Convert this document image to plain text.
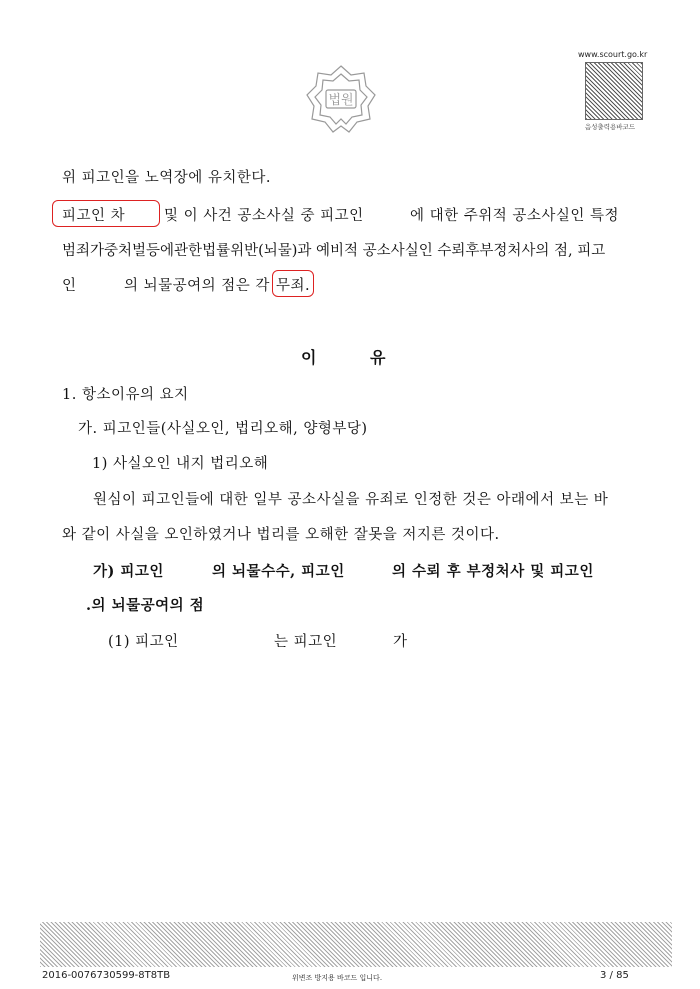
법원
www.scourt.go.kr
음성출력용바코드
위 피고인을 노역장에 유치한다.
피고인 차	및 이 사건 공소사실 중 피고인	에 대한 주위적 공소사실인 특정
범죄가중처벌등에관한법률위반(뇌물)과 예비적 공소사실인 수뢰후부정처사의 점, 피고
인	의 뇌물공여의 점은 각 무죄.
이	유
1. 항소이유의 요지
가. 피고인들(사실오인, 법리오해, 양형부당)
1) 사실오인 내지 법리오해
원심이 피고인들에 대한 일부 공소사실을 유죄로 인정한 것은 아래에서 보는 바
와 같이 사실을 오인하였거나 법리를 오해한 잘못을 저지른 것이다.
가) 피고인	의 뇌물수수, 피고인	의 수뢰 후 부정처사 및 피고인
.의 뇌물공여의 점
(1) 피고인	는 피고인	가
2016-0076730599-8T8TB	위변조 방지용 바코드 입니다.	3 / 85
